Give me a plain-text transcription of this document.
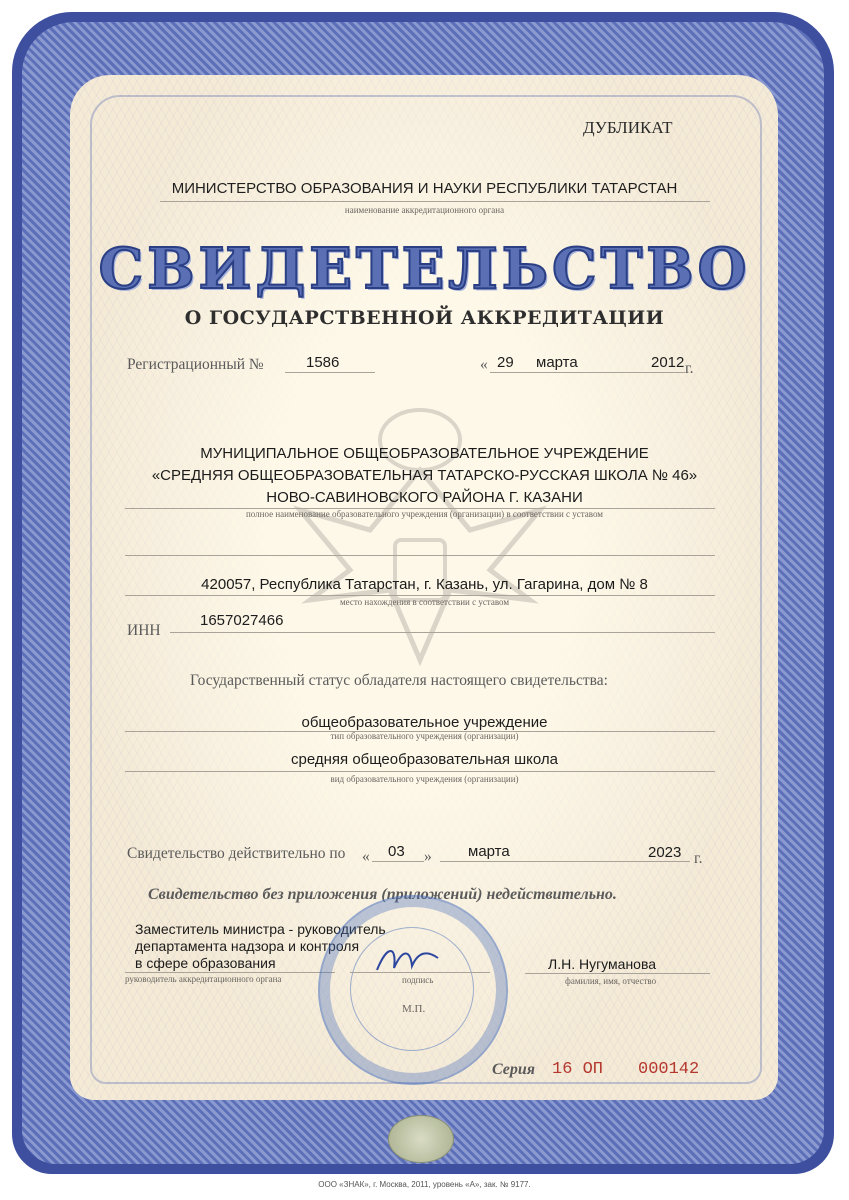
ДУБЛИКАТ
МИНИСТЕРСТВО ОБРАЗОВАНИЯ И НАУКИ РЕСПУБЛИКИ ТАТАРСТАН
наименование аккредитационного органа
СВИДЕТЕЛЬСТВО
О ГОСУДАРСТВЕННОЙ АККРЕДИТАЦИИ
Регистрационный №	1586	« 29 марта	2012 г.
МУНИЦИПАЛЬНОЕ ОБЩЕОБРАЗОВАТЕЛЬНОЕ УЧРЕЖДЕНИЕ
«СРЕДНЯЯ ОБЩЕОБРАЗОВАТЕЛЬНАЯ ТАТАРСКО-РУССКАЯ ШКОЛА № 46»
НОВО-САВИНОВСКОГО РАЙОНА Г. КАЗАНИ
полное наименование образовательного учреждения (организации) в соответствии с уставом
420057, Республика Татарстан, г. Казань, ул. Гагарина, дом № 8
место нахождения в соответствии с уставом
ИНН
1657027466
Государственный статус обладателя настоящего свидетельства:
общеобразовательное учреждение
тип образовательного учреждения (организации)
средняя общеобразовательная школа
вид образовательного учреждения (организации)
Свидетельство действительно по « 03 » марта	2023 г.
Свидетельство без приложения (приложений) недействительно.
Заместитель министра - руководитель
департамента надзора и контроля
в сфере образования
руководитель аккредитационного органа	подпись
М.П.
Л.Н. Нугуманова
фамилия, имя, отчество
Серия 16 ОП 000142
ООО «ЗНАК», г. Москва, 2011, уровень «А», зак. № 9177.
